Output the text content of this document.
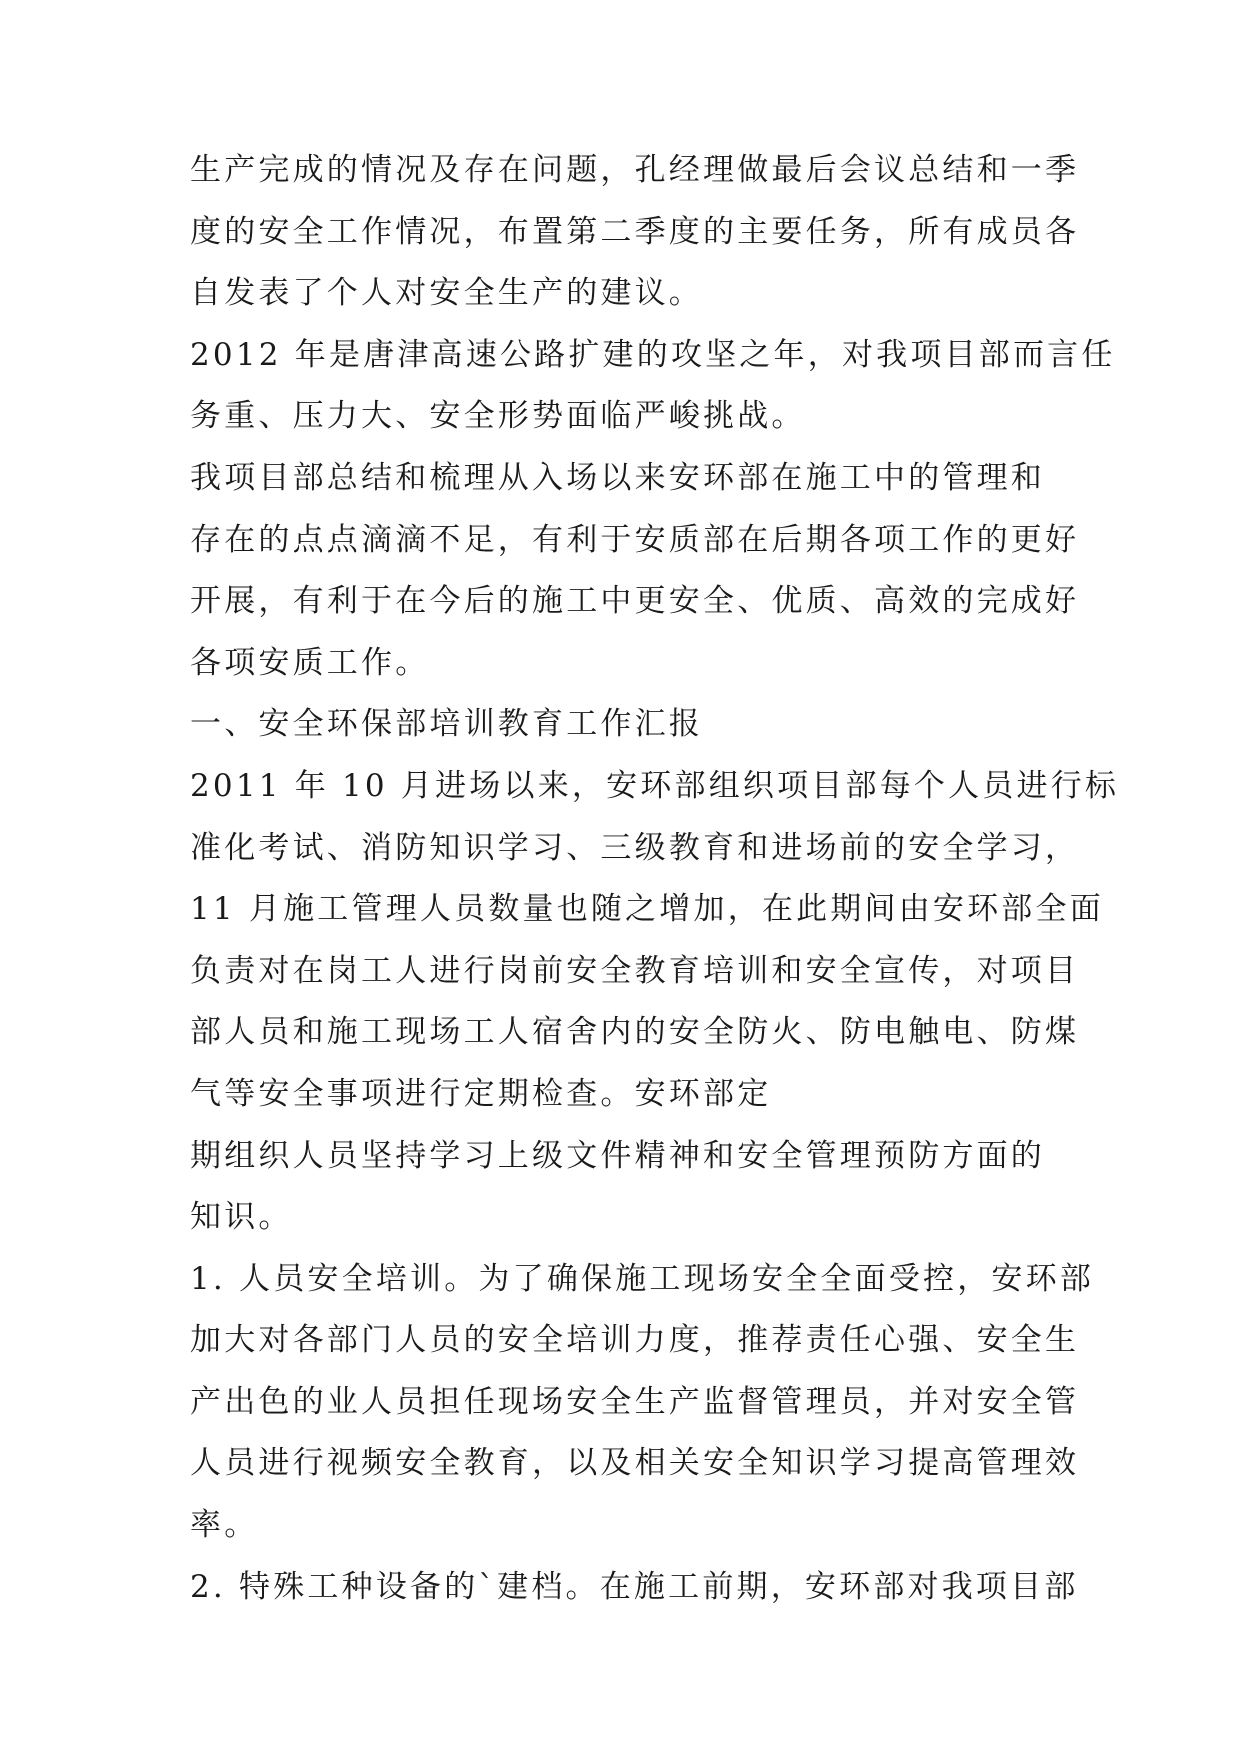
生产完成的情况及存在问题，孔经理做最后会议总结和一季
度的安全工作情况，布置第二季度的主要任务，所有成员各
自发表了个人对安全生产的建议。
2012 年是唐津高速公路扩建的攻坚之年，对我项目部而言任
务重、压力大、安全形势面临严峻挑战。
我项目部总结和梳理从入场以来安环部在施工中的管理和
存在的点点滴滴不足，有利于安质部在后期各项工作的更好
开展，有利于在今后的施工中更安全、优质、高效的完成好
各项安质工作。
一、安全环保部培训教育工作汇报
2011 年 10 月进场以来，安环部组织项目部每个人员进行标
准化考试、消防知识学习、三级教育和进场前的安全学习，
11 月施工管理人员数量也随之增加，在此期间由安环部全面
负责对在岗工人进行岗前安全教育培训和安全宣传，对项目
部人员和施工现场工人宿舍内的安全防火、防电触电、防煤
气等安全事项进行定期检查。安环部定
期组织人员坚持学习上级文件精神和安全管理预防方面的
知识。
1. 人员安全培训。为了确保施工现场安全全面受控，安环部
加大对各部门人员的安全培训力度，推荐责任心强、安全生
产出色的业人员担任现场安全生产监督管理员，并对安全管
人员进行视频安全教育，以及相关安全知识学习提高管理效
率。
2. 特殊工种设备的`建档。在施工前期，安环部对我项目部
